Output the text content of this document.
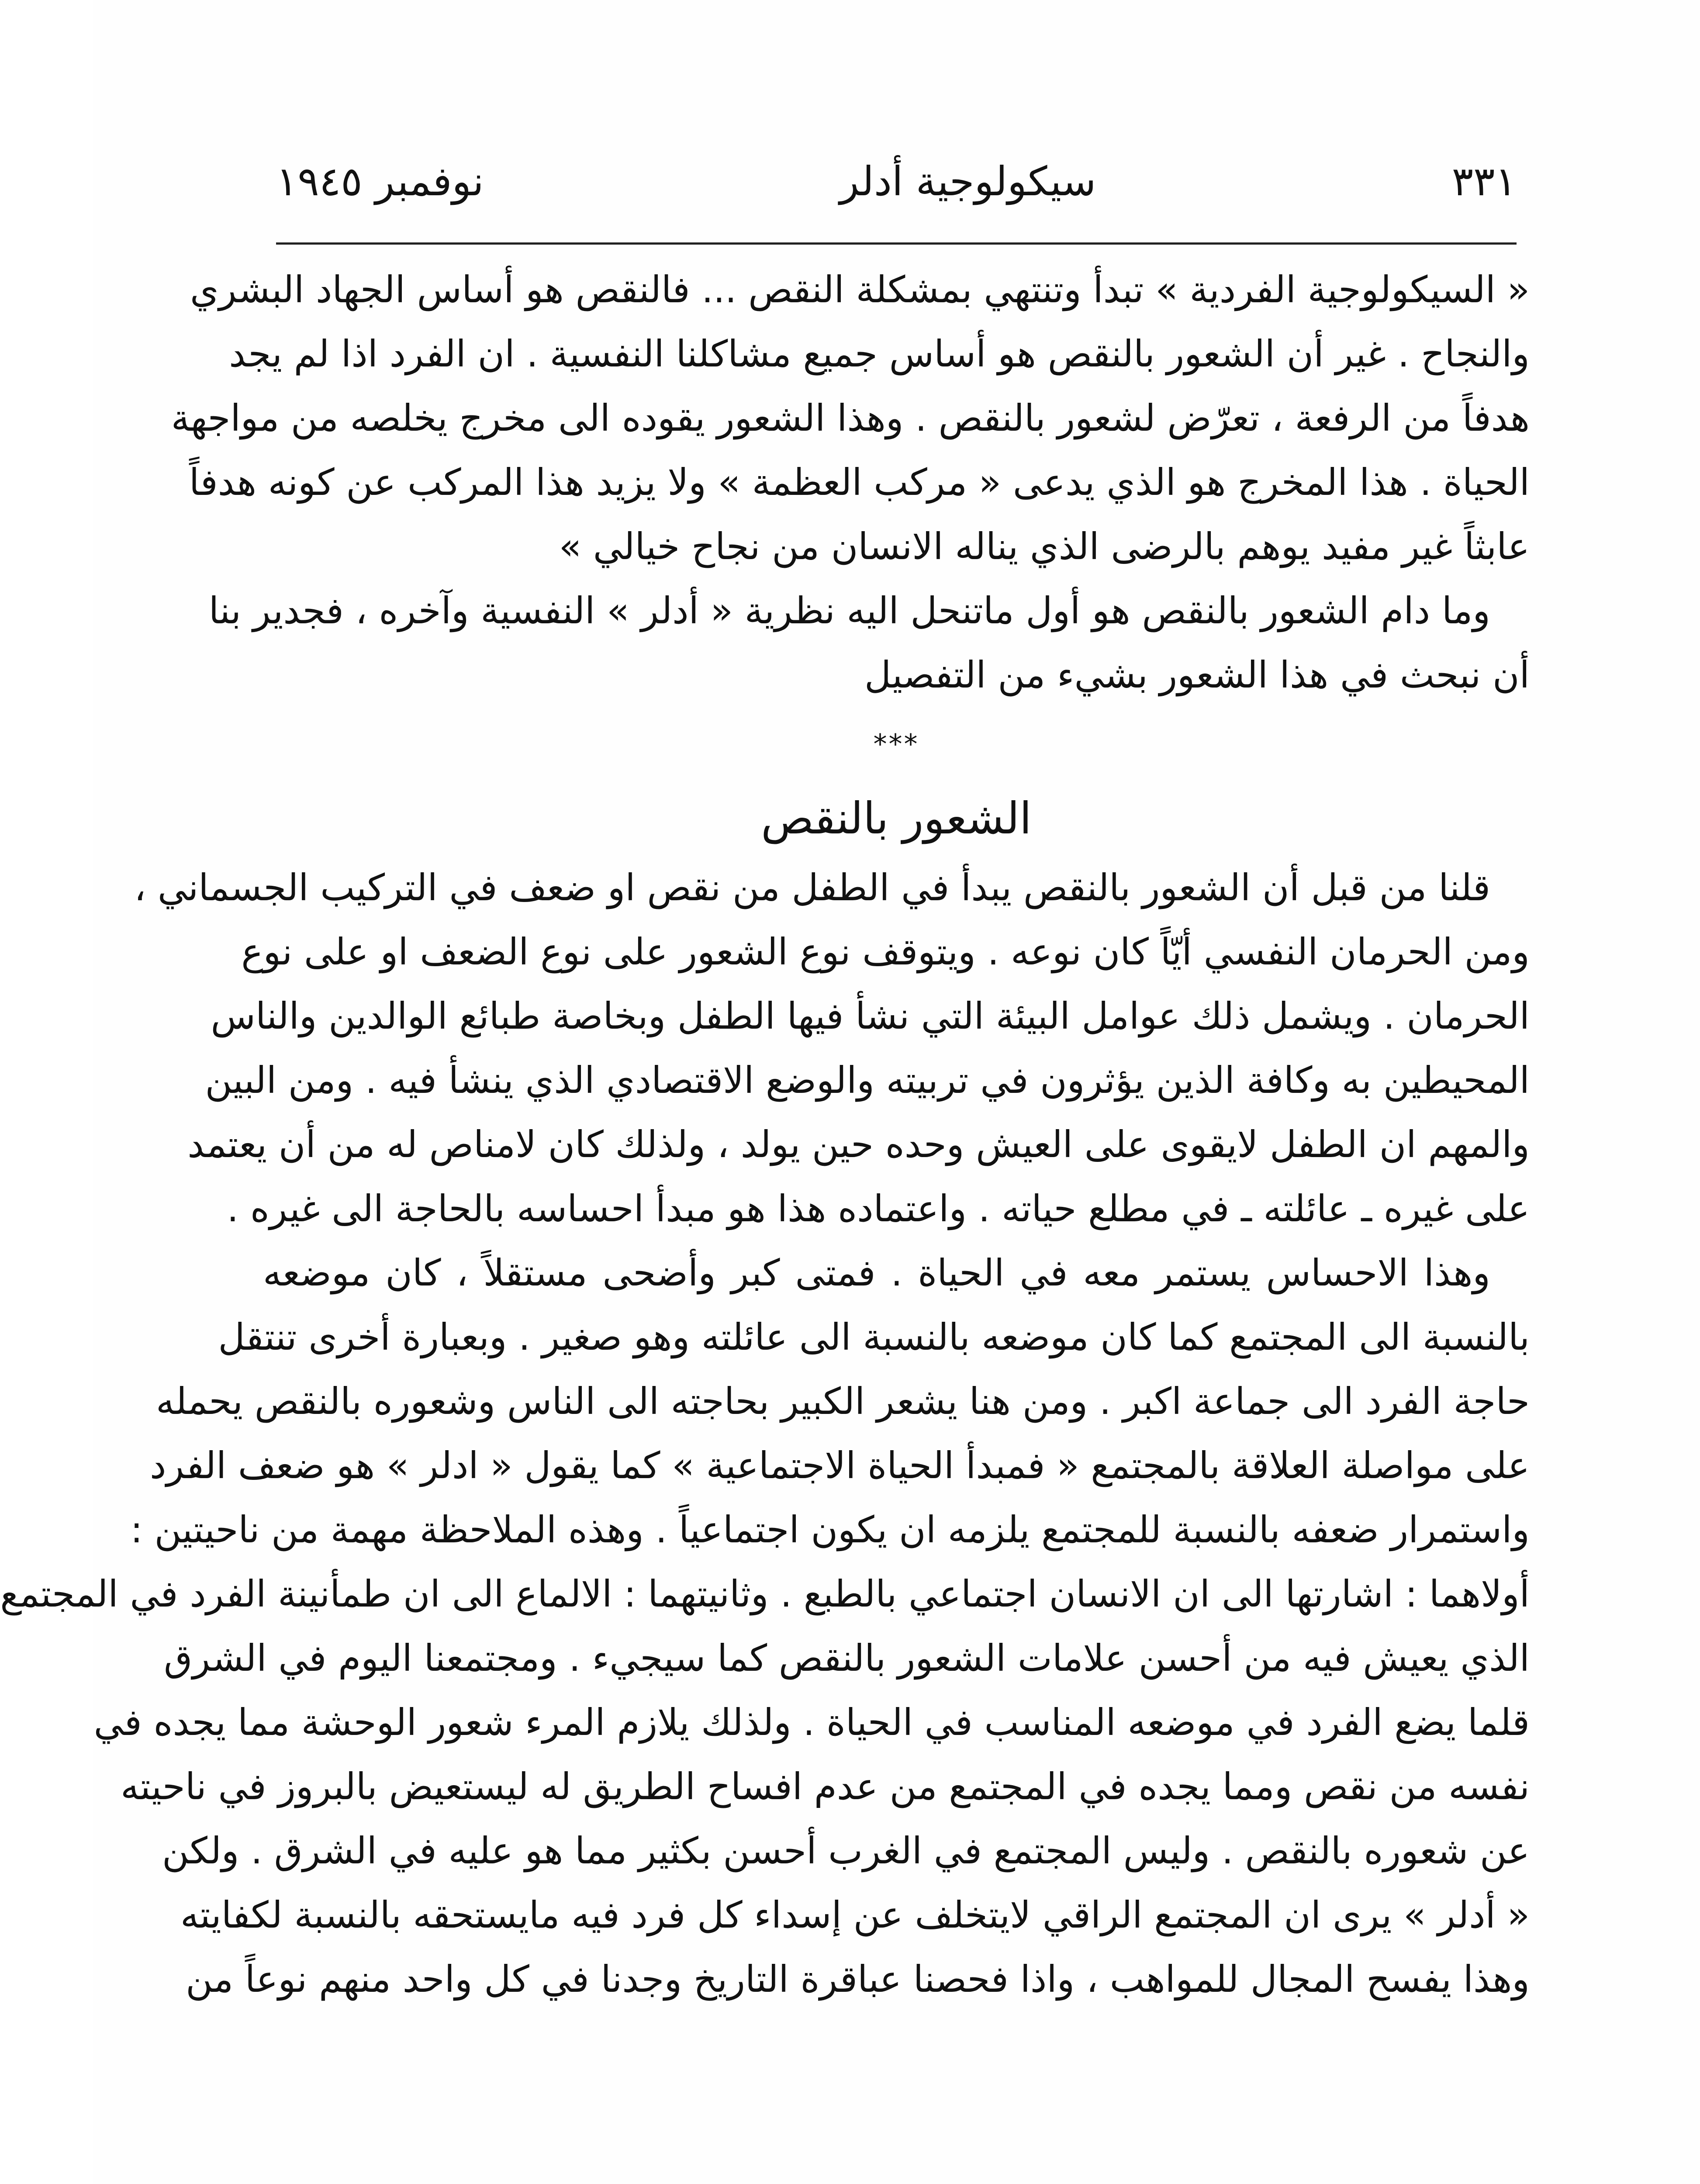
٣٣١
سيكولوجية أدلر
نوفمبر ١٩٤٥
« السيكولوجية الفردية » تبدأ وتنتهي بمشكلة النقص ... فالنقص هو أساس الجهاد البشري
والنجاح . غير أن الشعور بالنقص هو أساس جميع مشاكلنا النفسية . ان الفرد اذا لم يجد
هدفاً من الرفعة ، تعرّض لشعور بالنقص . وهذا الشعور يقوده الى مخرج يخلصه من مواجهة
الحياة . هذا المخرج هو الذي يدعى « مركب العظمة » ولا يزيد هذا المركب عن كونه هدفاً
عابثاً غير مفيد يوهم بالرضى الذي يناله الانسان من نجاح خيالي »
وما دام الشعور بالنقص هو أول ماتنحل اليه نظرية « أدلر » النفسية وآخره ، فجدير بنا
أن نبحث في هذا الشعور بشيء من التفصيل
***
الشعور بالنقص
قلنا من قبل أن الشعور بالنقص يبدأ في الطفل من نقص او ضعف في التركيب الجسماني ،
ومن الحرمان النفسي أيّاً كان نوعه . ويتوقف نوع الشعور على نوع الضعف او على نوع
الحرمان . ويشمل ذلك عوامل البيئة التي نشأ فيها الطفل وبخاصة طبائع الوالدين والناس
المحيطين به وكافة الذين يؤثرون في تربيته والوضع الاقتصادي الذي ينشأ فيه . ومن البين
والمهم ان الطفل لايقوى على العيش وحده حين يولد ، ولذلك كان لامناص له من أن يعتمد
على غيره ـ عائلته ـ في مطلع حياته . واعتماده هذا هو مبدأ احساسه بالحاجة الى غيره .
وهذا الاحساس يستمر معه في الحياة . فمتى كبر وأضحى مستقلاً ، كان موضعه
بالنسبة الى المجتمع كما كان موضعه بالنسبة الى عائلته وهو صغير . وبعبارة أخرى تنتقل
حاجة الفرد الى جماعة اكبر . ومن هنا يشعر الكبير بحاجته الى الناس وشعوره بالنقص يحمله
على مواصلة العلاقة بالمجتمع « فمبدأ الحياة الاجتماعية » كما يقول « ادلر » هو ضعف الفرد
واستمرار ضعفه بالنسبة للمجتمع يلزمه ان يكون اجتماعياً . وهذه الملاحظة مهمة من ناحيتين :
أولاهما : اشارتها الى ان الانسان اجتماعي بالطبع . وثانيتهما : الالماع الى ان طمأنينة الفرد في المجتمع
الذي يعيش فيه من أحسن علامات الشعور بالنقص كما سيجيء . ومجتمعنا اليوم في الشرق
قلما يضع الفرد في موضعه المناسب في الحياة . ولذلك يلازم المرء شعور الوحشة مما يجده في
نفسه من نقص ومما يجده في المجتمع من عدم افساح الطريق له ليستعيض بالبروز في ناحيته
عن شعوره بالنقص . وليس المجتمع في الغرب أحسن بكثير مما هو عليه في الشرق . ولكن
« أدلر » يرى ان المجتمع الراقي لايتخلف عن إسداء كل فرد فيه مايستحقه بالنسبة لكفايته
وهذا يفسح المجال للمواهب ، واذا فحصنا عباقرة التاريخ وجدنا في كل واحد منهم نوعاً من
